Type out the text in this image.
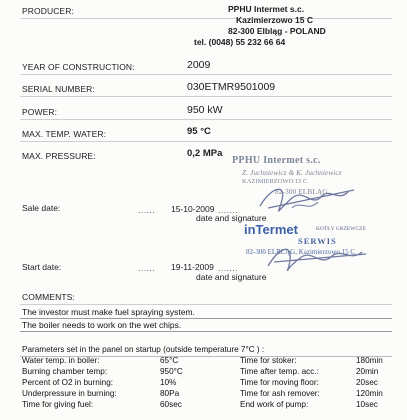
PRODUCER:	PPHU Intermet s.c.
Kazimierzowo 15 C
82-300 Elbląg - POLAND
tel. (0048) 55 232 66 64
YEAR OF CONSTRUCTION:	2009
SERIAL NUMBER:	030ETMR9501009
POWER:	950 kW
MAX. TEMP. WATER:	95 °C
MAX. PRESSURE:	0,2 MPa
PPHU Intermet s.c.
Z. Juchniewicz & K. Juchniewicz
KAZIMIERZOWO 15 C
82-300 ELBLĄG
Sale date:	...... 15-10-2009 .......
date and signature
inTermet	KOTŁY GRZEWCZE
SERWIS
82-300 ELBLĄG, Kazimierzowo 15 C
Start date:	...... 19-11-2009 .......
date and signature
COMMENTS:
The investor must make fuel spraying system.
The boiler needs to work on the wet chips.
Parameters set in the panel on startup (outside temperature 7°C ) :
Water temp. in boiler:	65°C	Time for stoker:	180min
Burning chamber temp:	950°C	Time after temp. acc.:	20min
Percent of O2 in burning:	10%	Time for moving floor:	20sec
Underpressure in burning:	80Pa	Time for ash remover:	120min
Time for giving fuel:	60sec	End work of pump:	10sec
